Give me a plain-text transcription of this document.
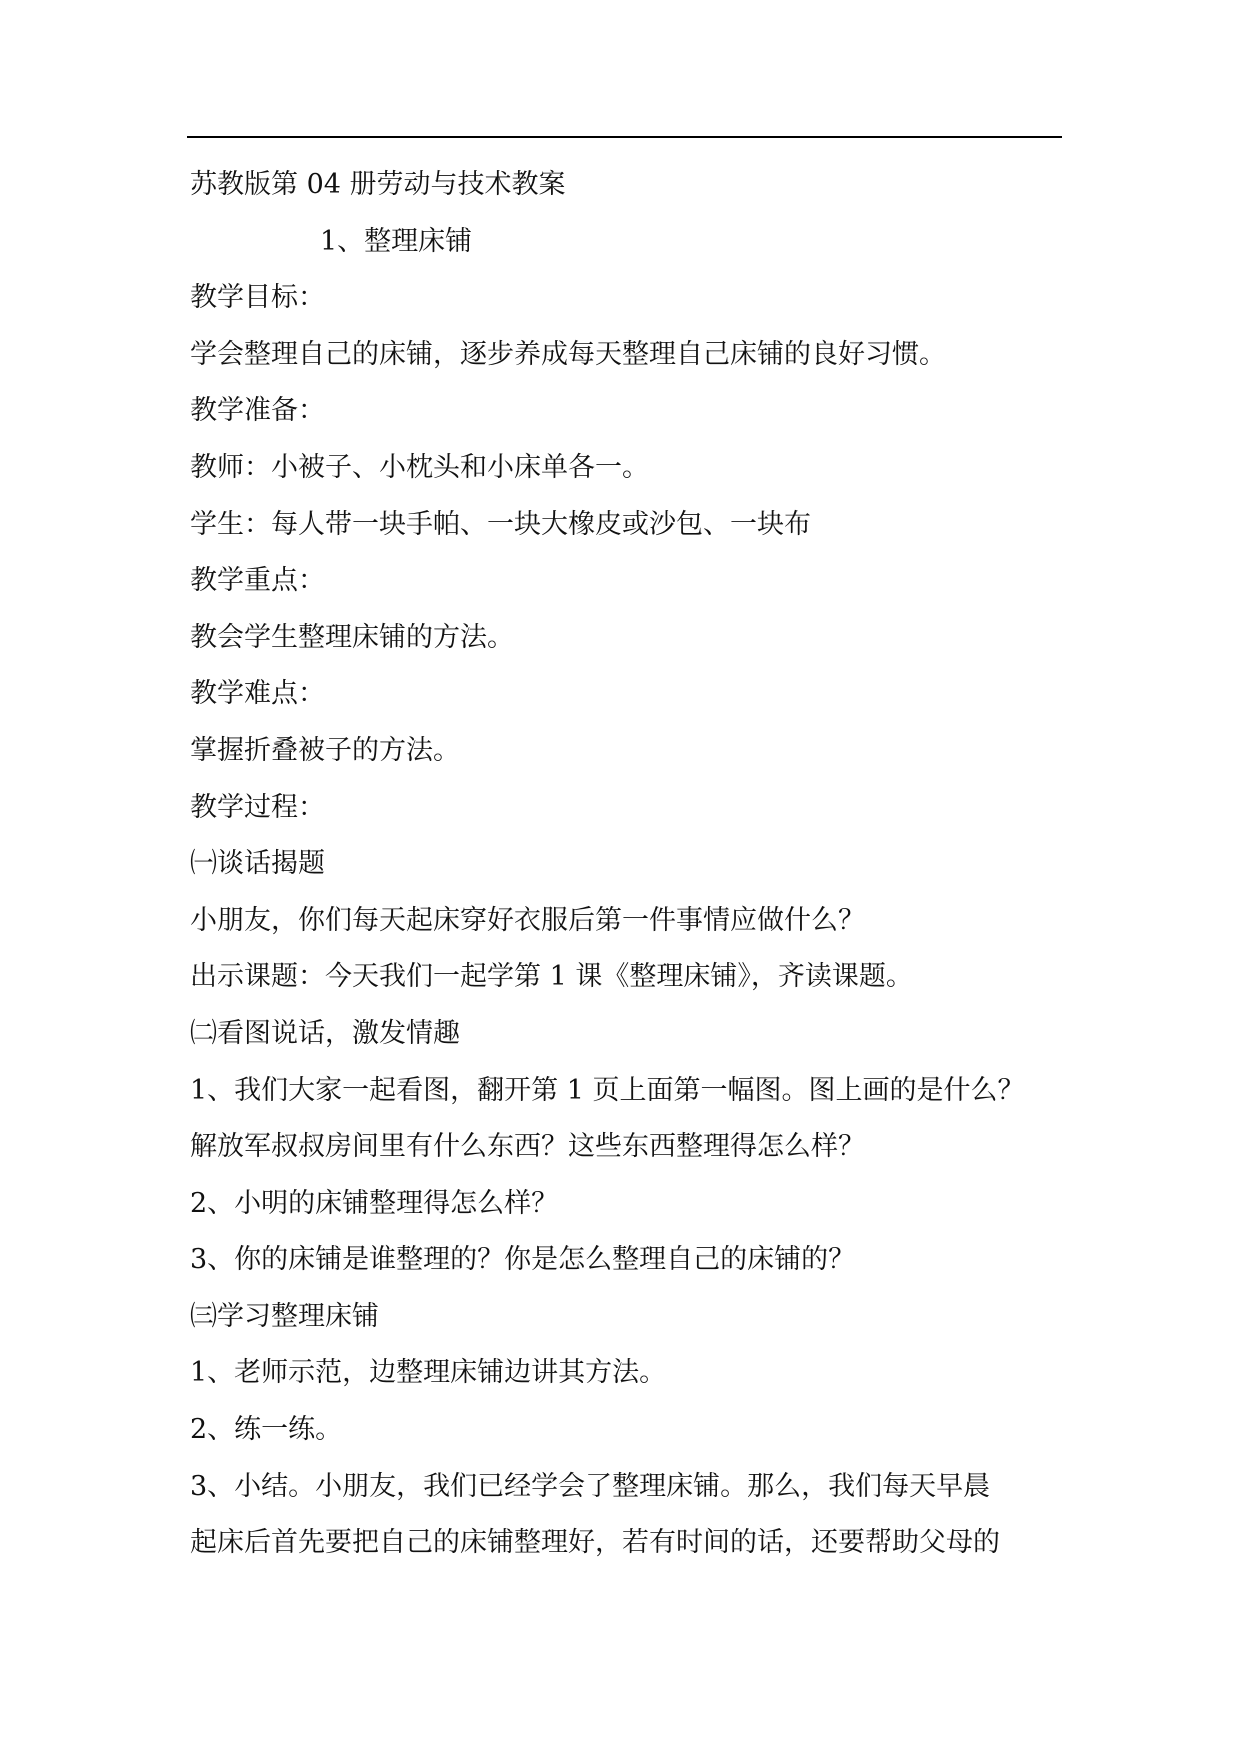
苏教版第 04 册劳动与技术教案
1、整理床铺
教学目标：
学会整理自己的床铺，逐步养成每天整理自己床铺的良好习惯。
教学准备：
教师：小被子、小枕头和小床单各一。
学生：每人带一块手帕、一块大橡皮或沙包、一块布
教学重点：
教会学生整理床铺的方法。
教学难点：
掌握折叠被子的方法。
教学过程：
㈠谈话揭题
小朋友，你们每天起床穿好衣服后第一件事情应做什么？
出示课题：今天我们一起学第 1 课《整理床铺》，齐读课题。
㈡看图说话，激发情趣
1、我们大家一起看图，翻开第 1 页上面第一幅图。图上画的是什么？
解放军叔叔房间里有什么东西？这些东西整理得怎么样？
2、小明的床铺整理得怎么样？
3、你的床铺是谁整理的？你是怎么整理自己的床铺的？
㈢学习整理床铺
1、老师示范，边整理床铺边讲其方法。
2、练一练。
3、小结。小朋友，我们已经学会了整理床铺。那么，我们每天早晨
起床后首先要把自己的床铺整理好，若有时间的话，还要帮助父母的
